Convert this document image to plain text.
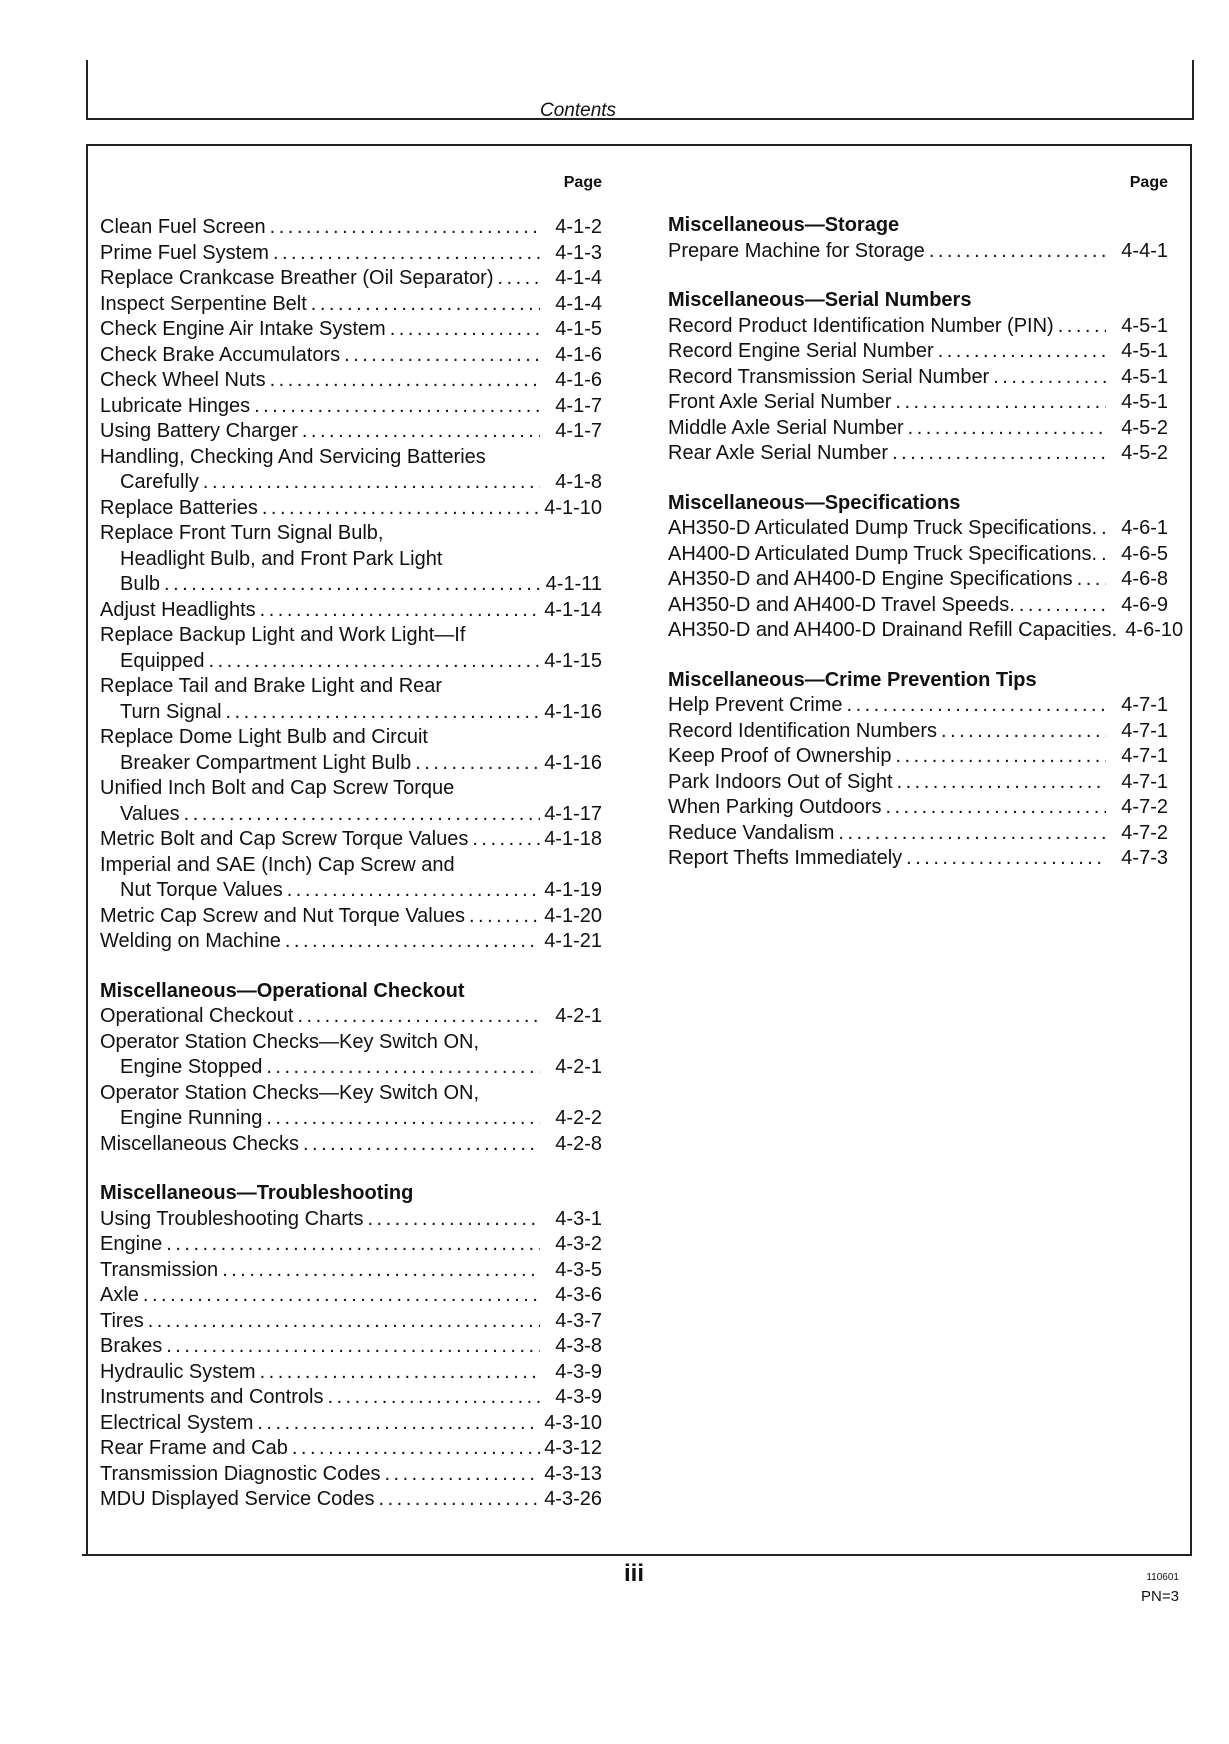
Contents
Page
Clean Fuel Screen .....	4-1-2
Prime Fuel System .....	4-1-3
Replace Crankcase Breather (Oil Separator) .....	4-1-4
Inspect Serpentine Belt .....	4-1-4
Check Engine Air Intake System .....	4-1-5
Check Brake Accumulators .....	4-1-6
Check Wheel Nuts .....	4-1-6
Lubricate Hinges .....	4-1-7
Using Battery Charger .....	4-1-7
Handling, Checking And Servicing Batteries
Carefully .....	4-1-8
Replace Batteries .....	4-1-10
Replace Front Turn Signal Bulb,
Headlight Bulb, and Front Park Light
Bulb .....	4-1-11
Adjust Headlights .....	4-1-14
Replace Backup Light and Work Light—If
Equipped .....	4-1-15
Replace Tail and Brake Light and Rear
Turn Signal .....	4-1-16
Replace Dome Light Bulb and Circuit
Breaker Compartment Light Bulb .....	4-1-16
Unified Inch Bolt and Cap Screw Torque
Values .....	4-1-17
Metric Bolt and Cap Screw Torque Values .....	4-1-18
Imperial and SAE (Inch) Cap Screw and
Nut Torque Values .....	4-1-19
Metric Cap Screw and Nut Torque Values .....	4-1-20
Welding on Machine .....	4-1-21
Miscellaneous—Operational Checkout
Operational Checkout .....	4-2-1
Operator Station Checks—Key Switch ON,
Engine Stopped .....	4-2-1
Operator Station Checks—Key Switch ON,
Engine Running .....	4-2-2
Miscellaneous Checks .....	4-2-8
Miscellaneous—Troubleshooting
Using Troubleshooting Charts .....	4-3-1
Engine .....	4-3-2
Transmission .....	4-3-5
Axle .....	4-3-6
Tires .....	4-3-7
Brakes .....	4-3-8
Hydraulic System .....	4-3-9
Instruments and Controls .....	4-3-9
Electrical System .....	4-3-10
Rear Frame and Cab .....	4-3-12
Transmission Diagnostic Codes .....	4-3-13
MDU Displayed Service Codes .....	4-3-26
Page
Miscellaneous—Storage
Prepare Machine for Storage .....	4-4-1
Miscellaneous—Serial Numbers
Record Product Identification Number (PIN) .....	4-5-1
Record Engine Serial Number .....	4-5-1
Record Transmission Serial Number .....	4-5-1
Front Axle Serial Number .....	4-5-1
Middle Axle Serial Number .....	4-5-2
Rear Axle Serial Number .....	4-5-2
Miscellaneous—Specifications
AH350-D Articulated Dump Truck Specifications. .....	4-6-1
AH400-D Articulated Dump Truck Specifications. .....	4-6-5
AH350-D and AH400-D Engine Specifications .....	4-6-8
AH350-D and AH400-D Travel Speeds. .....	4-6-9
AH350-D and AH400-D Drainand Refill Capacities. 4-6-10
Miscellaneous—Crime Prevention Tips
Help Prevent Crime .....	4-7-1
Record Identification Numbers .....	4-7-1
Keep Proof of Ownership .....	4-7-1
Park Indoors Out of Sight .....	4-7-1
When Parking Outdoors .....	4-7-2
Reduce Vandalism .....	4-7-2
Report Thefts Immediately .....	4-7-3
iii	110601
PN=3
